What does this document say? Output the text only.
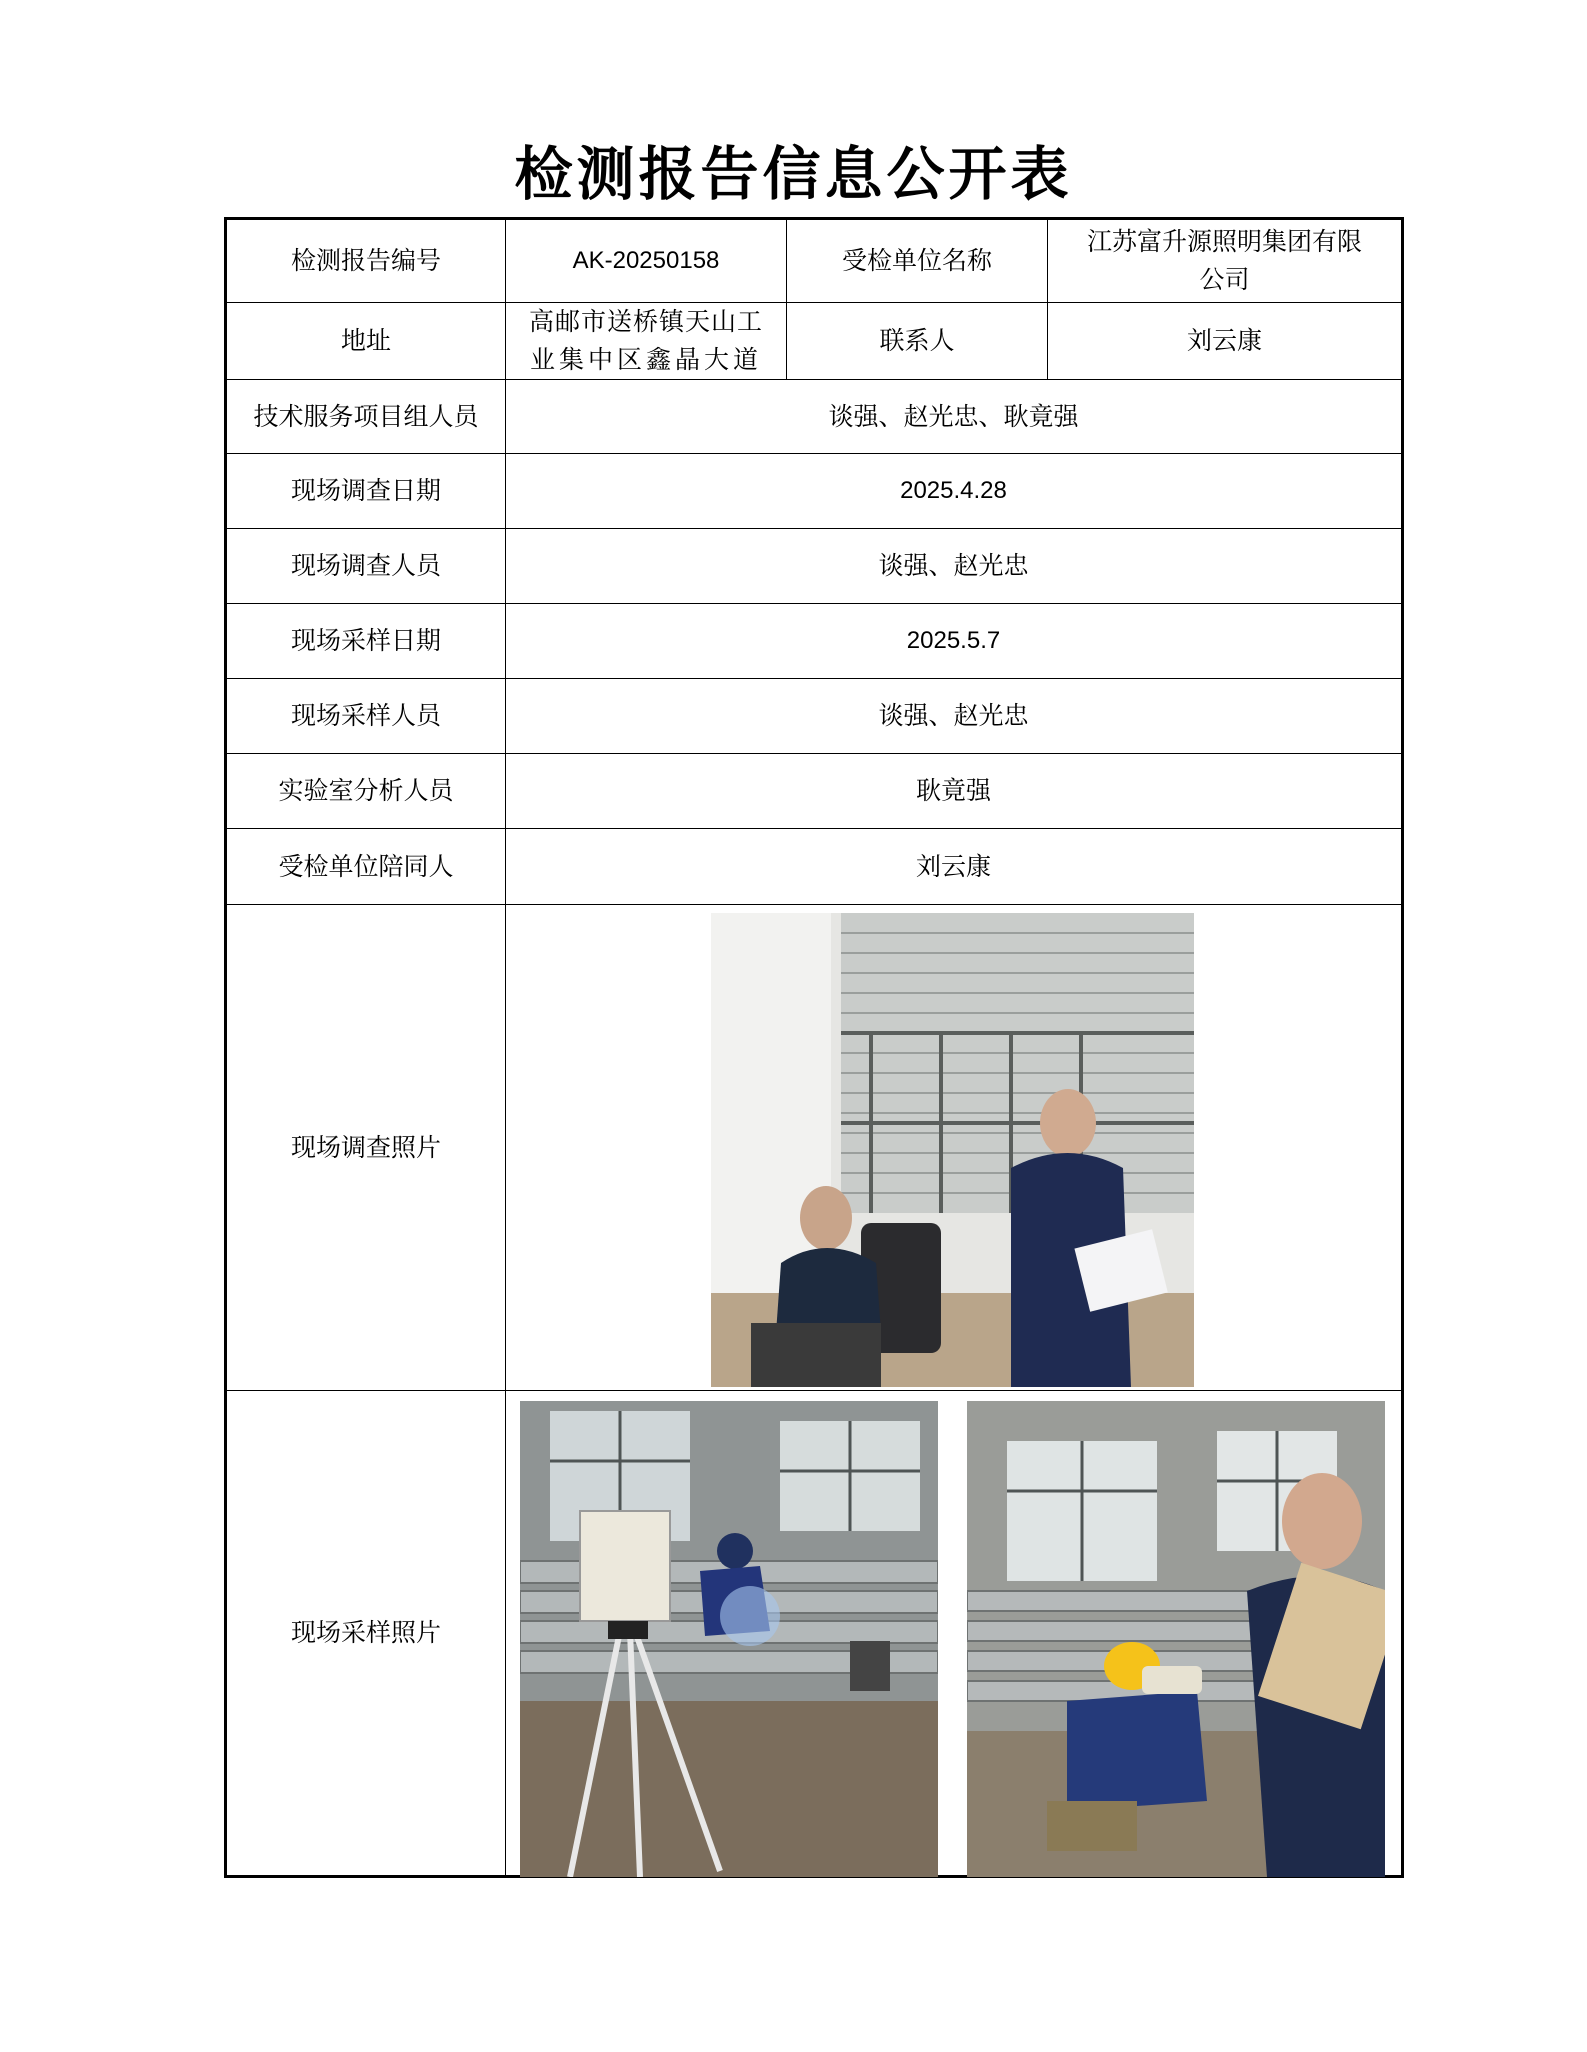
检测报告信息公开表
检测报告编号	AK-20250158	受检单位名称	江苏富升源照明集团有限
公司

地址	高邮市送桥镇天山工
业集中区鑫晶大道	联系人	刘云康
技术服务项目组人员	谈强、赵光忠、耿竟强		
现场调查日期	2025.4.28		
现场调查人员	谈强、赵光忠		
现场采样日期	2025.5.7		
现场采样人员	谈强、赵光忠		
实验室分析人员	耿竟强		
受检单位陪同人	刘云康		
现场调查照片	

现场采样照片	
